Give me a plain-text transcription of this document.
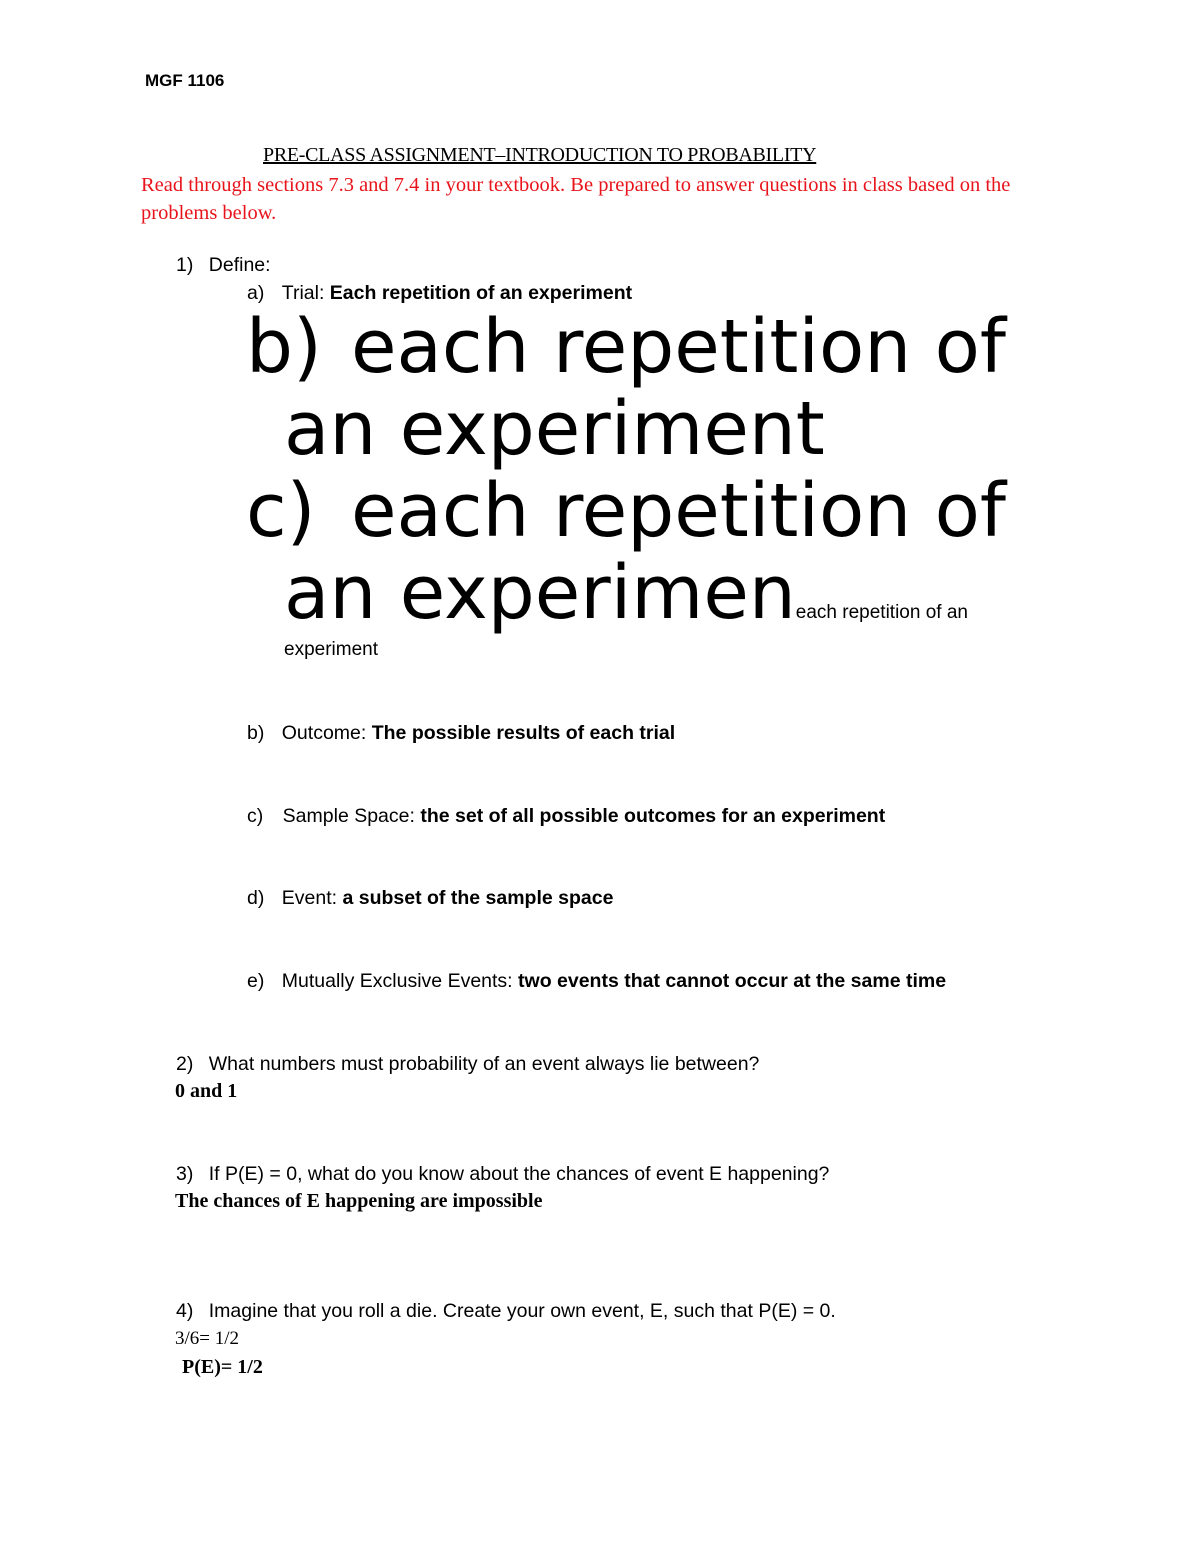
MGF 1106
PRE-CLASS ASSIGNMENT–INTRODUCTION TO PROBABILITY
Read through sections 7.3 and 7.4 in your textbook. Be prepared to answer questions in class based on the problems below.
1) Define:
a) Trial: Each repetition of an experiment
b) each repetition of
an experiment
c) each repetition of
an experimeneach repetition of an
experiment
b) Outcome: The possible results of each trial
c) Sample Space: the set of all possible outcomes for an experiment
d) Event: a subset of the sample space
e) Mutually Exclusive Events: two events that cannot occur at the same time
2) What numbers must probability of an event always lie between?
0 and 1
3) If P(E) = 0, what do you know about the chances of event E happening?
The chances of E happening are impossible
4) Imagine that you roll a die. Create your own event, E, such that P(E) = 0.
3/6= 1/2
P(E)= 1/2
